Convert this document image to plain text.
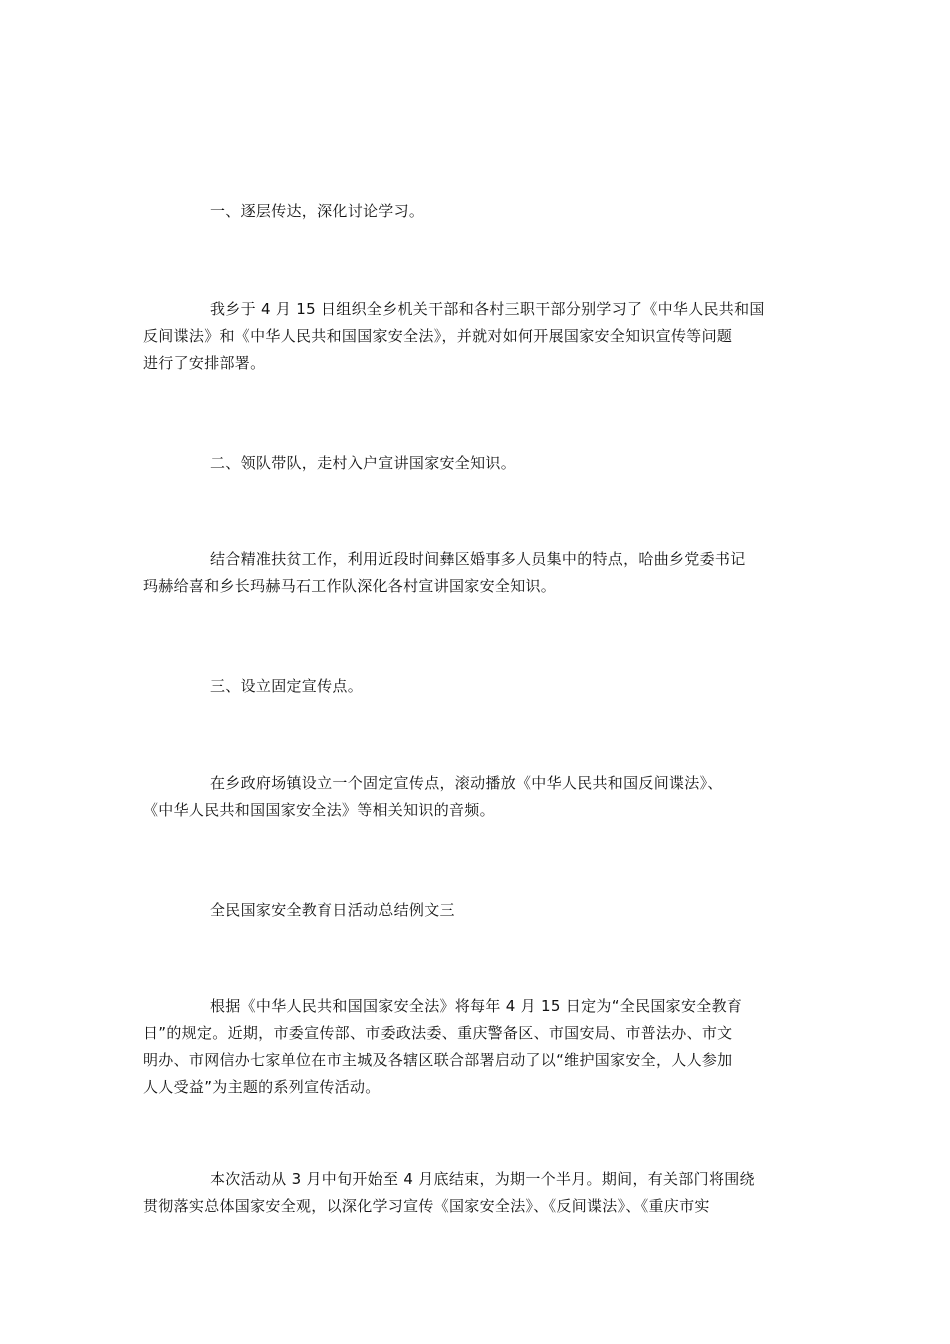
一、逐层传达，深化讨论学习。

我乡于 4 月 15 日组织全乡机关干部和各村三职干部分别学习了《中华人民共和国
反间谍法》和《中华人民共和国国家安全法》，并就对如何开展国家安全知识宣传等问题
进行了安排部署。

二、领队带队，走村入户宣讲国家安全知识。

结合精准扶贫工作，利用近段时间彝区婚事多人员集中的特点，哈曲乡党委书记
玛赫给喜和乡长玛赫马石工作队深化各村宣讲国家安全知识。

三、设立固定宣传点。

在乡政府场镇设立一个固定宣传点，滚动播放《中华人民共和国反间谍法》、
《中华人民共和国国家安全法》等相关知识的音频。

全民国家安全教育日活动总结例文三

根据《中华人民共和国国家安全法》将每年 4 月 15 日定为“全民国家安全教育
日”的规定。近期，市委宣传部、市委政法委、重庆警备区、市国安局、市普法办、市文
明办、市网信办七家单位在市主城及各辖区联合部署启动了以“维护国家安全，人人参加
人人受益”为主题的系列宣传活动。

本次活动从 3 月中旬开始至 4 月底结束，为期一个半月。期间，有关部门将围绕
贯彻落实总体国家安全观，以深化学习宣传《国家安全法》、《反间谍法》、《重庆市实
